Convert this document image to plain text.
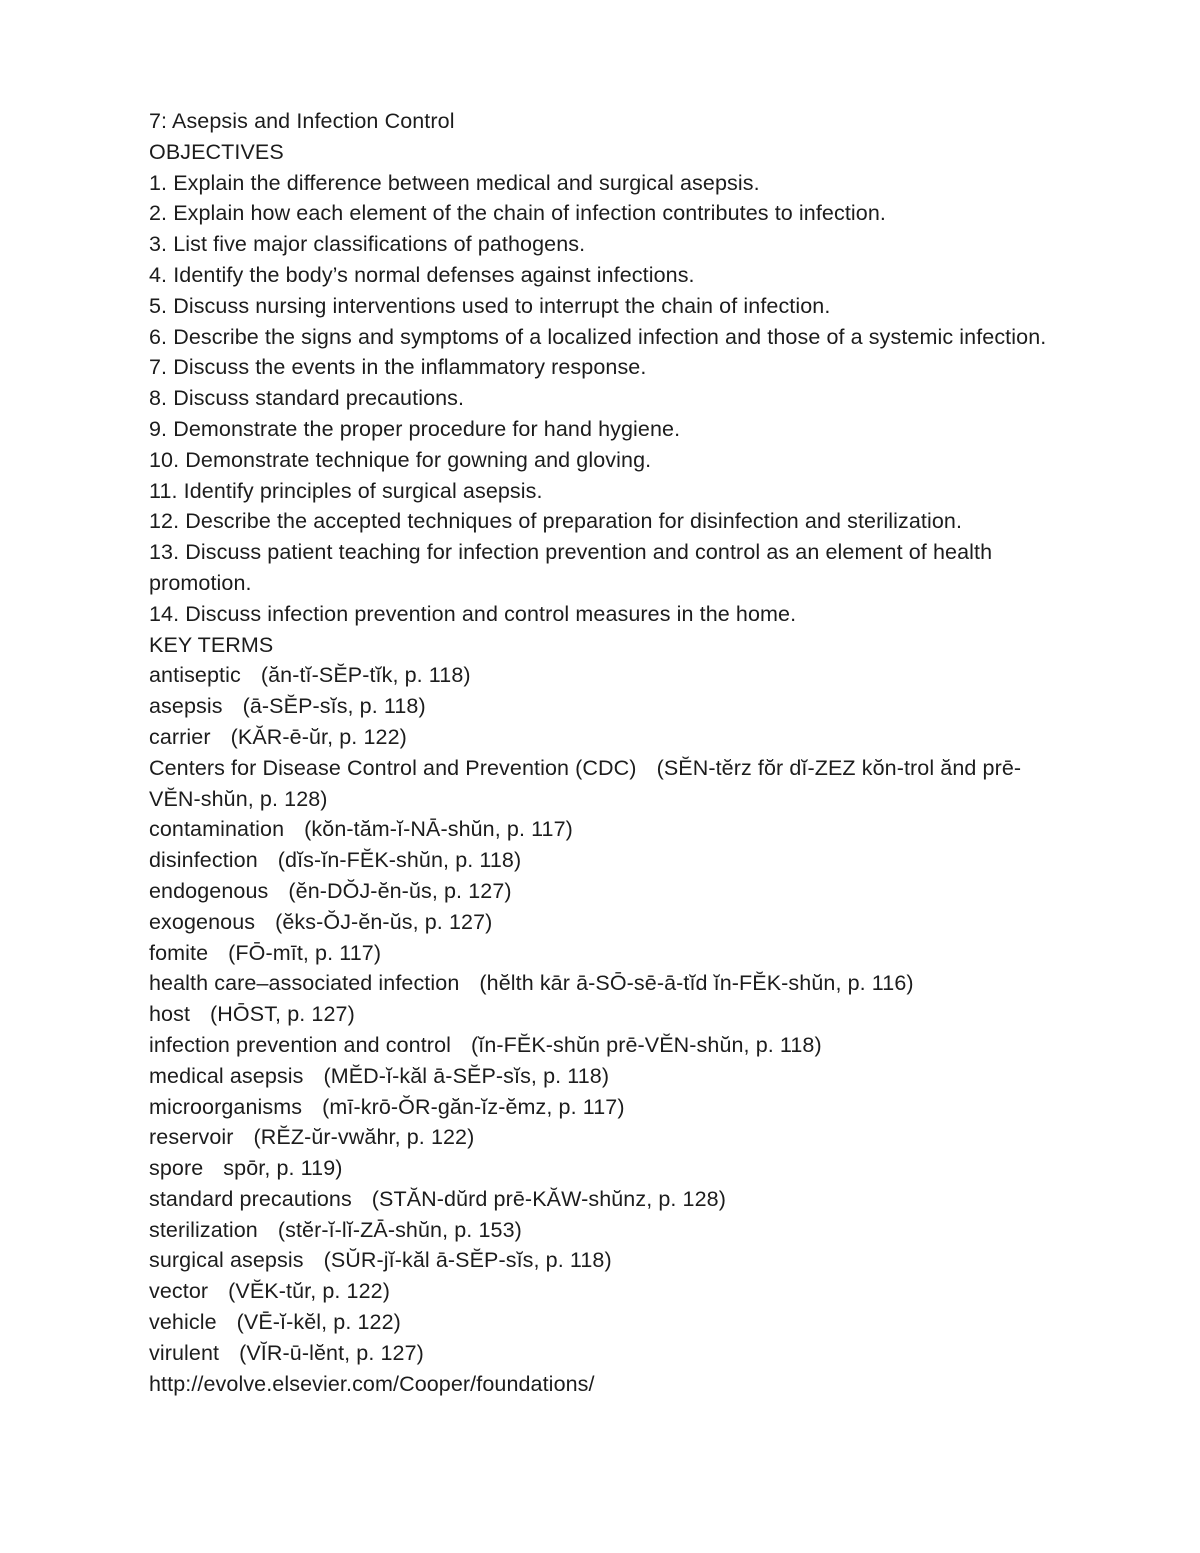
7: Asepsis and Infection Control

OBJECTIVES

1. Explain the difference between medical and surgical asepsis.

2. Explain how each element of the chain of infection contributes to infection.

3. List five major classifications of pathogens.

4. Identify the body’s normal defenses against infections.

5. Discuss nursing interventions used to interrupt the chain of infection.

6. Describe the signs and symptoms of a localized infection and those of a systemic infection.

7. Discuss the events in the inflammatory response.

8. Discuss standard precautions.

9. Demonstrate the proper procedure for hand hygiene.

10. Demonstrate technique for gowning and gloving.

11. Identify principles of surgical asepsis.

12. Describe the accepted techniques of preparation for disinfection and sterilization.

13. Discuss patient teaching for infection prevention and control as an element of health promotion.

14. Discuss infection prevention and control measures in the home.

KEY TERMS

antiseptic (ăn-tĭ-SĔP-tĭk, p. 118)

asepsis (ā-SĔP-sĭs, p. 118)

carrier (KĂR-ē-ŭr, p. 122)

Centers for Disease Control and Prevention (CDC) (SĔN-tĕrz fŏr dĭ-ZEZ kŏn-trol ănd prē-VĔN-shŭn, p. 128)

contamination (kŏn-tăm-ĭ-NĀ-shŭn, p. 117)

disinfection (dĭs-ĭn-FĔK-shŭn, p. 118)

endogenous (ĕn-DŎJ-ĕn-ŭs, p. 127)

exogenous (ĕks-ŎJ-ĕn-ŭs, p. 127)

fomite (FŌ-mīt, p. 117)

health care–associated infection (hĕlth kār ā-SŌ-sē-ā-tĭd ĭn-FĔK-shŭn, p. 116)

host (HŌST, p. 127)

infection prevention and control (ĭn-FĔK-shŭn prē-VĔN-shŭn, p. 118)

medical asepsis (MĔD-ĭ-kăl ā-SĔP-sĭs, p. 118)

microorganisms (mī-krō-ŎR-găn-ĭz-ĕmz, p. 117)

reservoir (RĔZ-ŭr-vwăhr, p. 122)

spore spōr, p. 119)

standard precautions (STĂN-dŭrd prē-KĂW-shŭnz, p. 128)

sterilization (stĕr-ĭ-lĭ-ZĀ-shŭn, p. 153)

surgical asepsis (SŬR-jĭ-kăl ā-SĔP-sĭs, p. 118)

vector (VĔK-tŭr, p. 122)

vehicle (VĒ-ĭ-kĕl, p. 122)

virulent (VĬR-ū-lĕnt, p. 127)

http://evolve.elsevier.com/Cooper/foundations/
